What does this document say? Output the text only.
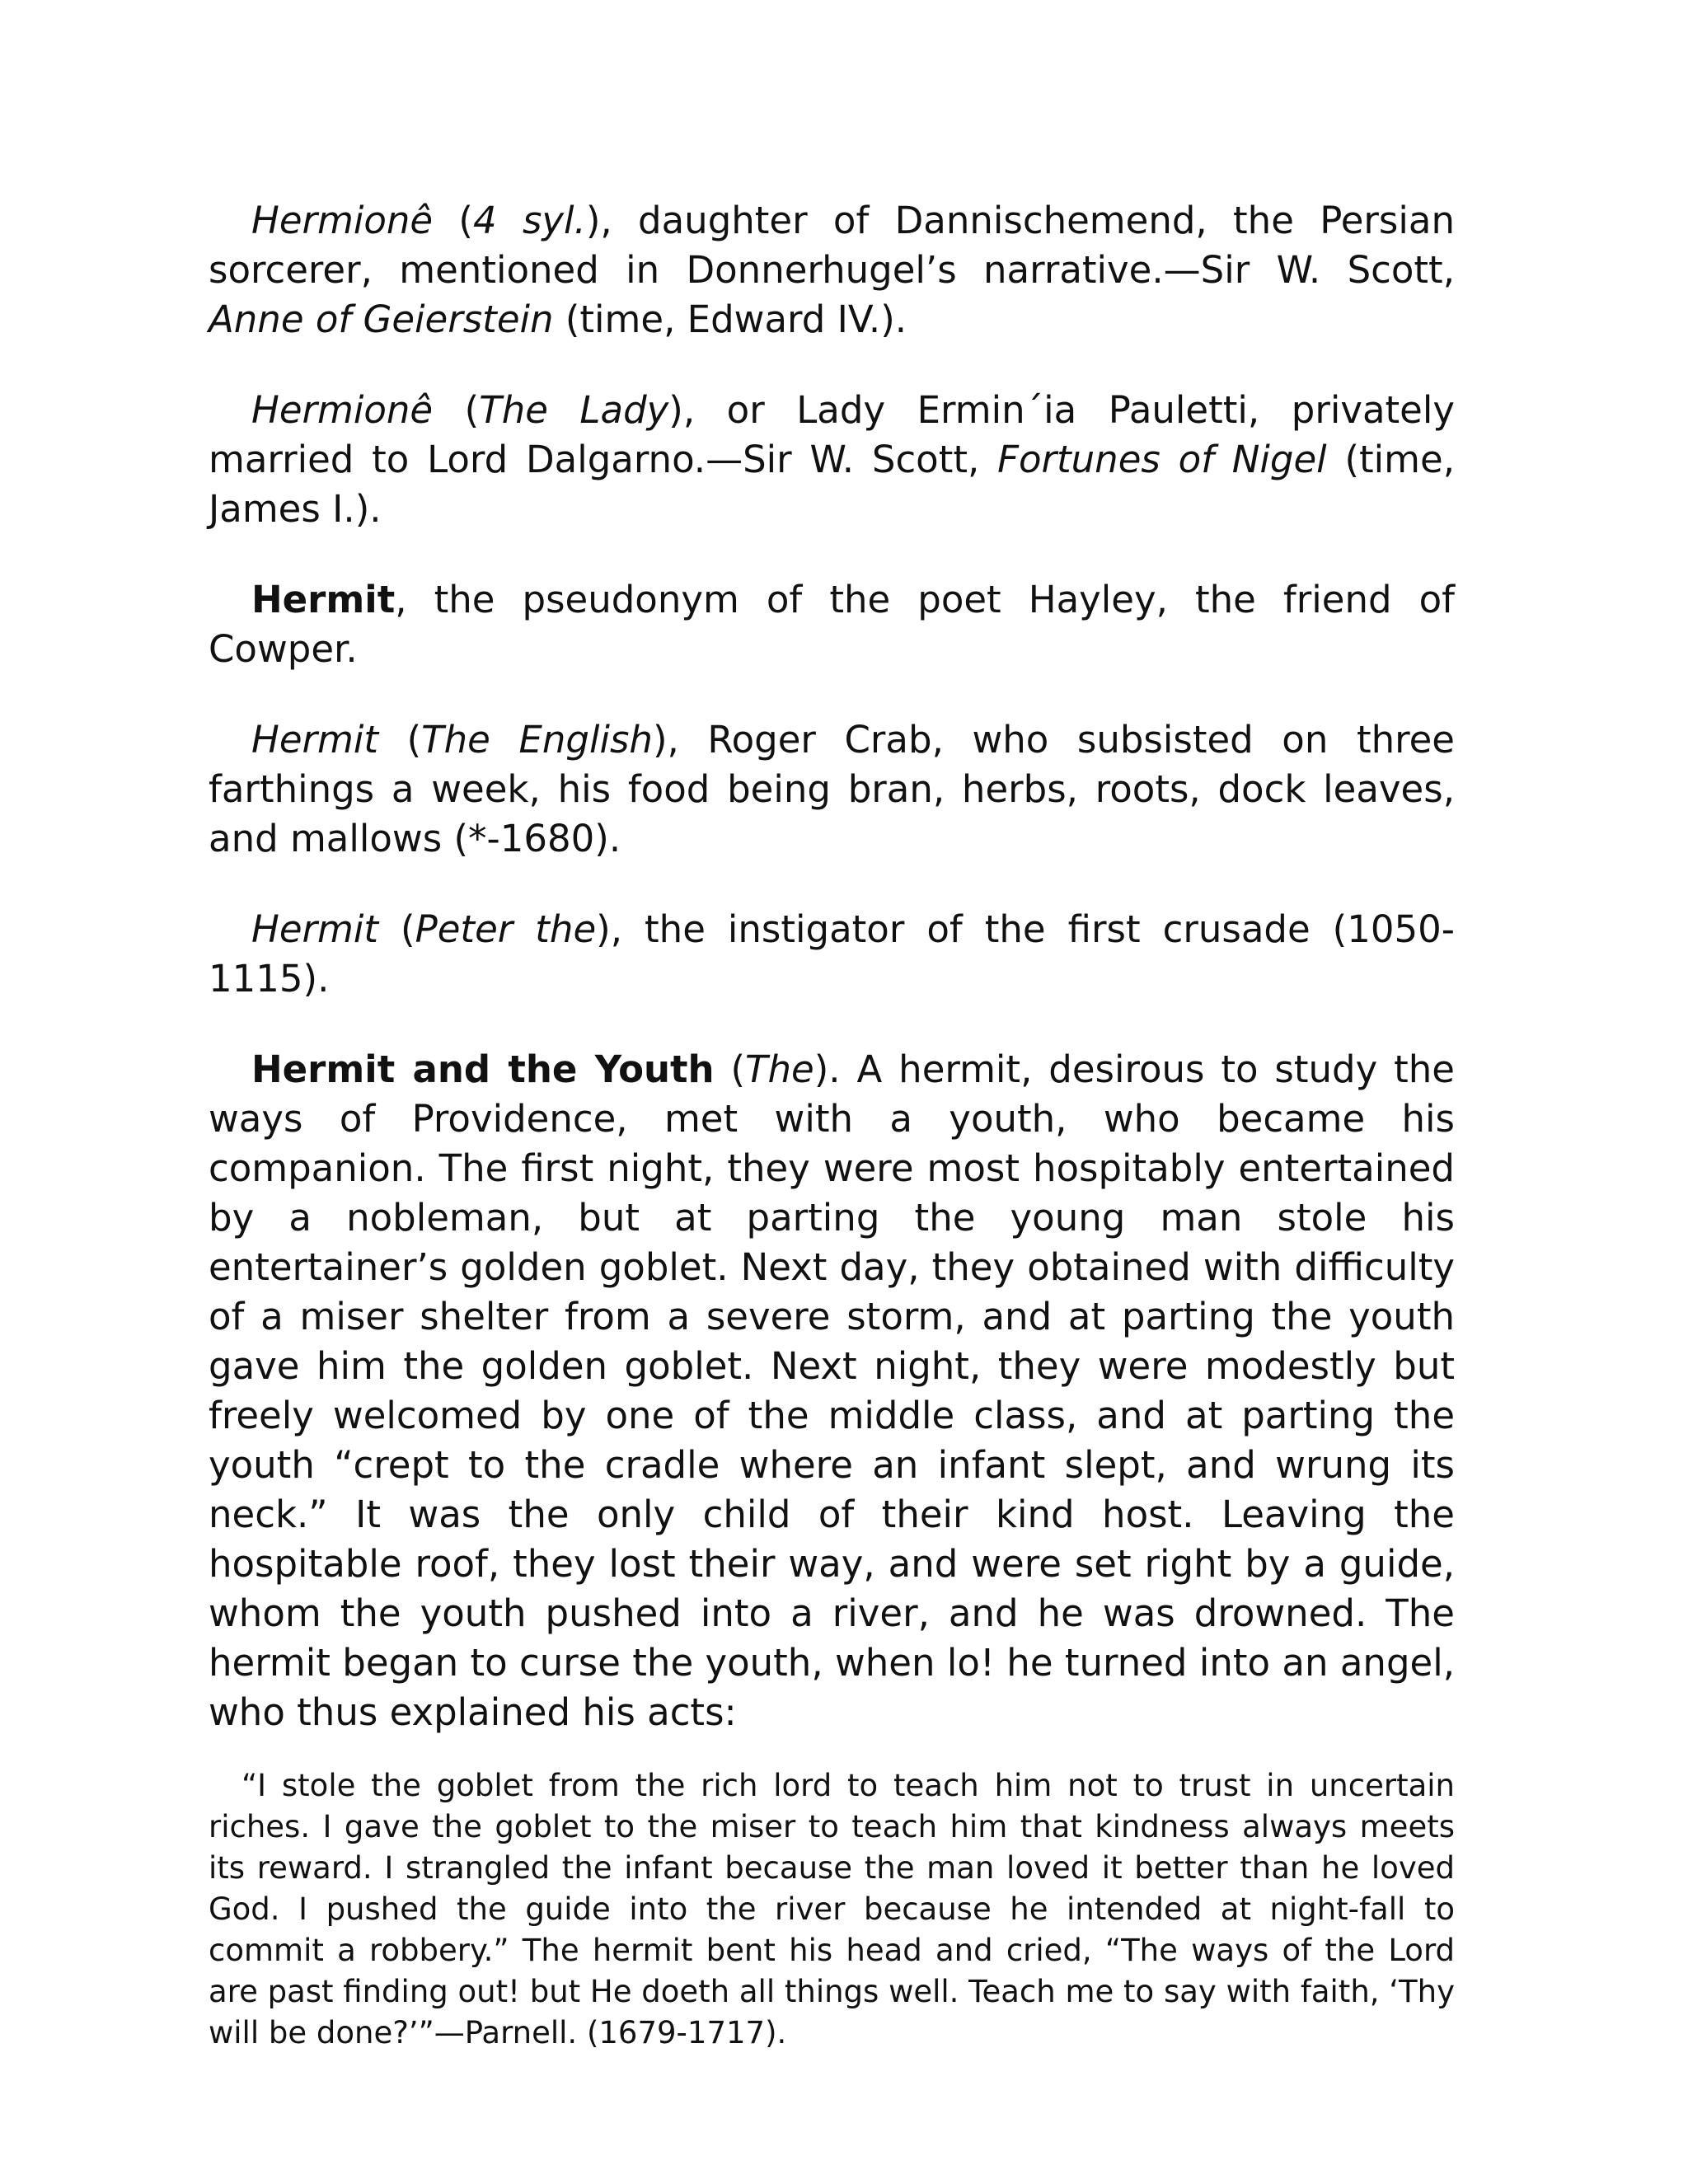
Hermionê (4 syl.), daughter of Dannischemend, the Persian sorcerer, mentioned in Donnerhugel’s narrative.—Sir W. Scott, Anne of Geierstein (time, Edward IV.).

Hermionê (The Lady), or Lady Ermin´ia Pauletti, privately married to Lord Dalgarno.—Sir W. Scott, Fortunes of Nigel (time, James I.).

Hermit, the pseudonym of the poet Hayley, the friend of Cowper.

Hermit (The English), Roger Crab, who subsisted on three farthings a week, his food being bran, herbs, roots, dock leaves, and mallows (*-1680).

Hermit (Peter the), the instigator of the first crusade (1050-1115).

Hermit and the Youth (The). A hermit, desirous to study the ways of Providence, met with a youth, who became his companion. The first night, they were most hospitably entertained by a nobleman, but at parting the young man stole his entertainer’s golden goblet. Next day, they obtained with difficulty of a miser shelter from a severe storm, and at parting the youth gave him the golden goblet. Next night, they were modestly but freely welcomed by one of the middle class, and at parting the youth “crept to the cradle where an infant slept, and wrung its neck.” It was the only child of their kind host. Leaving the hospitable roof, they lost their way, and were set right by a guide, whom the youth pushed into a river, and he was drowned. The hermit began to curse the youth, when lo! he turned into an angel, who thus explained his acts:

“I stole the goblet from the rich lord to teach him not to trust in uncertain riches. I gave the goblet to the miser to teach him that kindness always meets its reward. I strangled the infant because the man loved it better than he loved God. I pushed the guide into the river because he intended at night-fall to commit a robbery.” The hermit bent his head and cried, “The ways of the Lord are past finding out! but He doeth all things well. Teach me to say with faith, ‘Thy will be done?’”—Parnell. (1679-1717).
